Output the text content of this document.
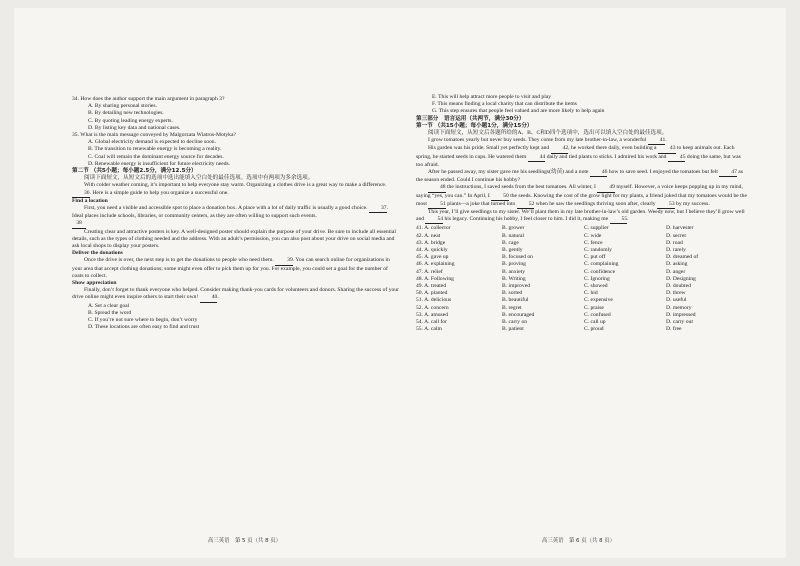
34. How does the author support the main argument in paragraph 3?

A. By sharing personal stories.

B. By detailing new technologies.

C. By quoting leading energy experts.

D. By listing key data and national cases.

35. What is the main message conveyed by Malgorzata Wiatros-Motyka?

A. Global electricity demand is expected to decline soon.

B. The transition to renewable energy is becoming a reality.

C. Coal will remain the dominant energy source for decades.

D. Renewable energy is insufficient for future electricity needs.

第二节 （共5小题；每小题2.5分，满分12.5分）

阅读下面短文，从短文后的选项中选出能填入空白处的最佳选项。选项中有两项为多余选项。

With colder weather coming, it’s important to help everyone stay warm. Organizing a clothes drive is a great way to make a difference. 36. Here is a simple guide to help you organize a successful one.

Find a location

First, you need a visible and accessible spot to place a donation box. A place with a lot of daily traffic is usually a good choice. 37. Ideal places include schools, libraries, or community centers, as they are often willing to support such events.

38

Creating clear and attractive posters is key. A well-designed poster should explain the purpose of your drive. Be sure to include all essential details, such as the types of clothing needed and the address. With an adult’s permission, you can also post about your drive on social media and ask local shops to display your posters.

Deliver the donations

Once the drive is over, the next step is to get the donations to people who need them. 39. You can search online for organizations in your area that accept clothing donations; some might even offer to pick them up for you. For example, you could set a goal for the number of coats to collect.

Show appreciation

Finally, don’t forget to thank everyone who helped. Consider making thank-you cards for volunteers and donors. Sharing the success of your drive online might even inspire others to start their own! 40.

A. Set a clear goal

B. Spread the word

C. If you’re not sure where to begin, don’t worry

D. These locations are often easy to find and trust

E. This will help attract more people to visit and play

F. This means finding a local charity that can distribute the items

G. This step ensures that people feel valued and are more likely to help again

第三部分　语言运用（共两节，满分30分）

第一节 （共15小题；每小题1分，满分15分）

阅读下面短文，从短文后各题所给的A、B、C和D四个选项中，选出可以填入空白处的最佳选项。

I grow tomatoes yearly but never buy seeds. They come from my late brother-in-law, a wonderful 41.

His garden was his pride. Small yet perfectly kept and 42, he worked there daily, even building a 43 to keep animals out. Each spring, he started seeds in cups. He watered them 44 daily and tied plants to sticks. I admired his work and 45 doing the same, but was too afraid.

After he passed away, my sister gave me his seedlings(幼苗) and a note 46 how to save seed. I enjoyed the tomatoes but felt 47 as the season ended. Could I continue his hobby?

48 the instructions, I saved seeds from the best tomatoes. All winter, I 49 myself. However, a voice keeps popping up in my mind, saying “yes, you can.” In April, I 50 the seeds. Knowing the cost of the grow light for my plants, a friend joked that my tomatoes would be the most 51 plants—a joke that turned into 52 when he saw the seedlings thriving soon after, clearly 53 by my success.

This year, I’ll give seedlings to my sister. We’ll plant them in my late brother-in-law’s old garden. Weedy now, but I believe they’ll grow well and 54 his legacy. Continuing his hobby, I feel closer to him. I did it, making me 55.

41. A. collector	B. grower	C. supplier	D. harvester
42. A. neat	B. natural	C. wide	D. secret
43. A. bridge	B. cage	C. fence	D. road
44. A. quickly	B. gently	C. randomly	D. rarely
45. A. gave up	B. focused on	C. put off	D. dreamed of
46. A. explaining	B. proving	C. complaining	D. asking
47. A. relief	B. anxiety	C. confidence	D. anger
48. A. Following	B. Writing	C. Ignoring	D. Designing
49. A. treated	B. improved	C. showed	D. doubted
50. A. planted	B. sorted	C. hid	D. threw
51. A. delicious	B. beautiful	C. expensive	D. useful
52. A. concern	B. regret	C. praise	D. memory
53. A. amused	B. encouraged	C. confused	D. impressed
54. A. call for	B. carry on	C. call up	D. carry out
55. A. calm	B. patient	C. proud	D. free
高三英语　第 5 页（共 8 页）	高三英语　第 6 页（共 8 页）
